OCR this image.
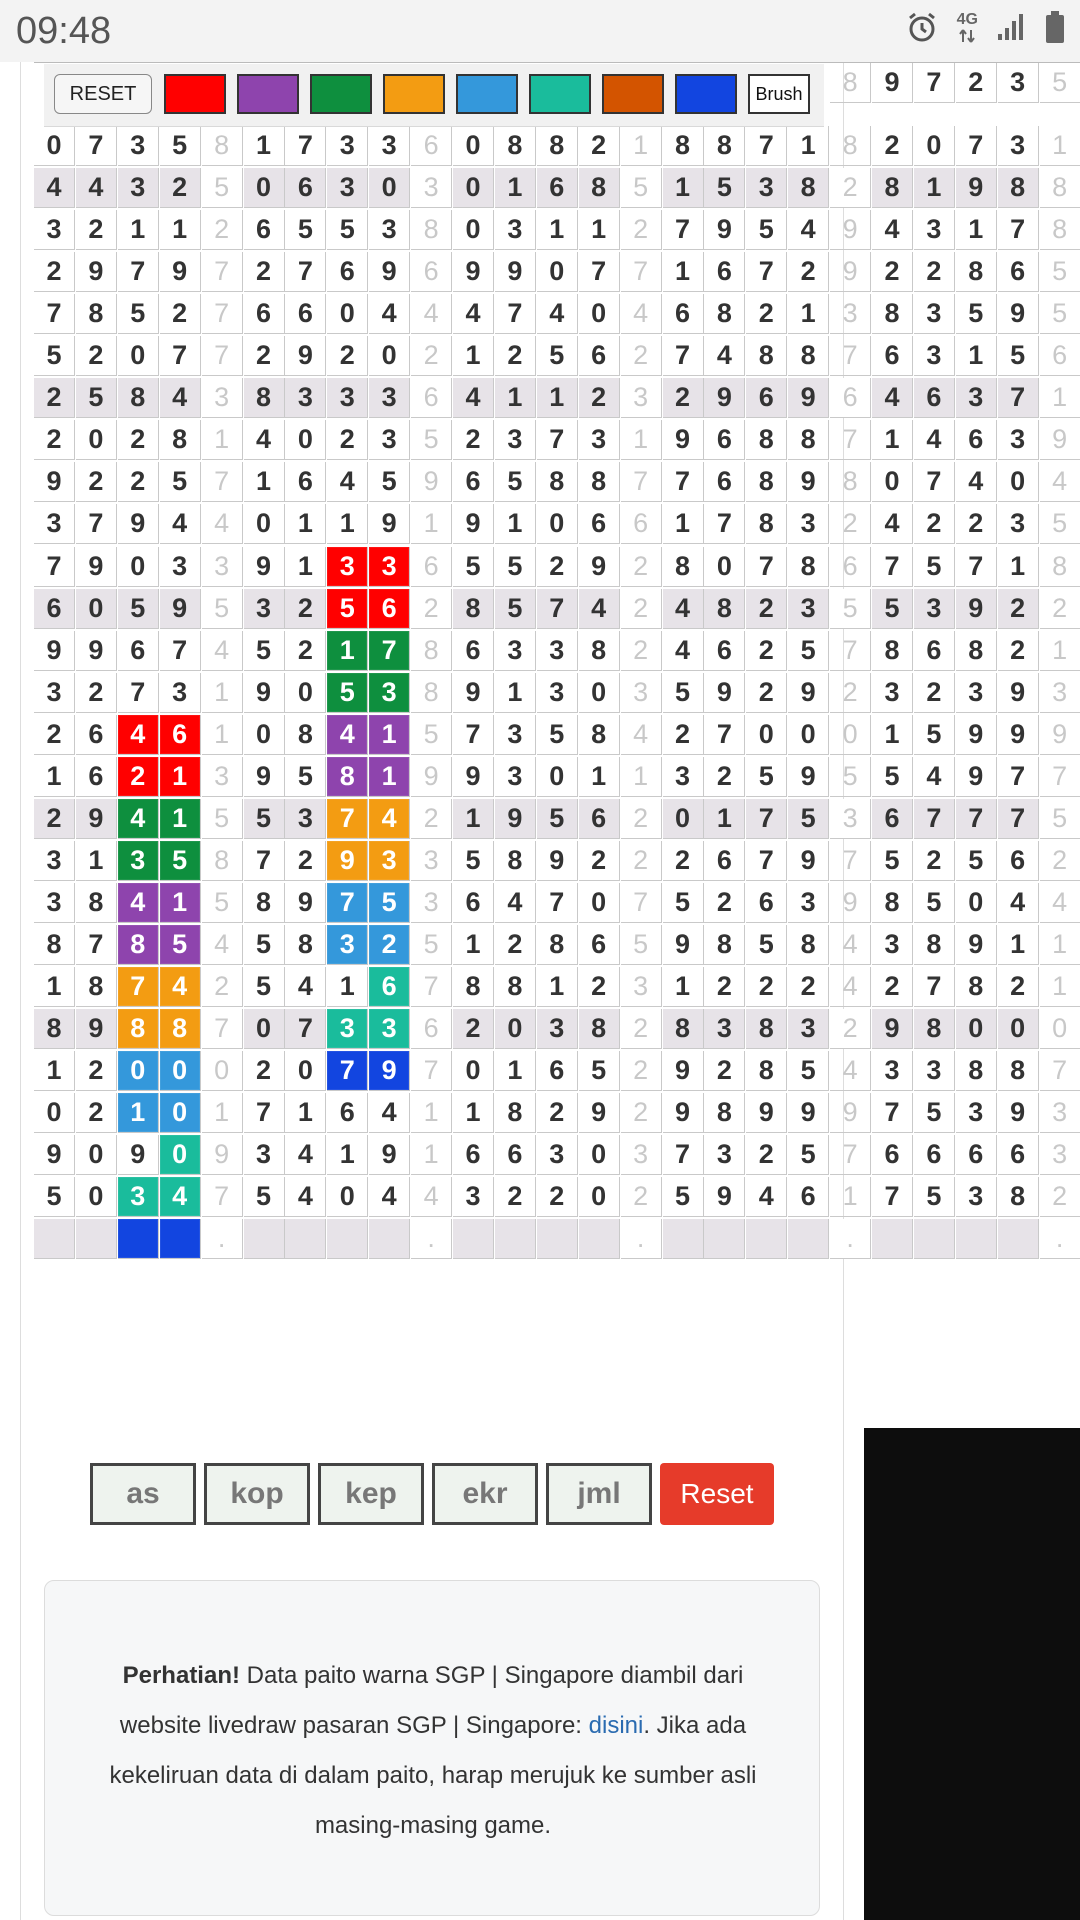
09:48	4G
8 9 7 2 3 5
0 7 3 5 8 1 7 3 3 6 0 8 8 2 1 8 8 7 1 8 2 0 7 3 1
4 4 3 2 5 0 6 3 0 3 0 1 6 8 5 1 5 3 8 2 8 1 9 8 8
3 2 1 1 2 6 5 5 3 8 0 3 1 1 2 7 9 5 4 9 4 3 1 7 8
2 9 7 9 7 2 7 6 9 6 9 9 0 7 7 1 6 7 2 9 2 2 8 6 5
7 8 5 2 7 6 6 0 4 4 4 7 4 0 4 6 8 2 1 3 8 3 5 9 5
5 2 0 7 7 2 9 2 0 2 1 2 5 6 2 7 4 8 8 7 6 3 1 5 6
2 5 8 4 3 8 3 3 3 6 4 1 1 2 3 2 9 6 9 6 4 6 3 7 1
2 0 2 8 1 4 0 2 3 5 2 3 7 3 1 9 6 8 8 7 1 4 6 3 9
9 2 2 5 7 1 6 4 5 9 6 5 8 8 7 7 6 8 9 8 0 7 4 0 4
3 7 9 4 4 0 1 1 9 1 9 1 0 6 6 1 7 8 3 2 4 2 2 3 5
7 9 0 3 3 9 1 3 3 6 5 5 2 9 2 8 0 7 8 6 7 5 7 1 8
6 0 5 9 5 3 2 5 6 2 8 5 7 4 2 4 8 2 3 5 5 3 9 2 2
9 9 6 7 4 5 2 1 7 8 6 3 3 8 2 4 6 2 5 7 8 6 8 2 1
3 2 7 3 1 9 0 5 3 8 9 1 3 0 3 5 9 2 9 2 3 2 3 9 3
2 6 4 6 1 0 8 4 1 5 7 3 5 8 4 2 7 0 0 0 1 5 9 9 9
1 6 2 1 3 9 5 8 1 9 9 3 0 1 1 3 2 5 9 5 5 4 9 7 7
2 9 4 1 5 5 3 7 4 2 1 9 5 6 2 0 1 7 5 3 6 7 7 7 5
3 1 3 5 8 7 2 9 3 3 5 8 9 2 2 2 6 7 9 7 5 2 5 6 2
3 8 4 1 5 8 9 7 5 3 6 4 7 0 7 5 2 6 3 9 8 5 0 4 4
8 7 8 5 4 5 8 3 2 5 1 2 8 6 5 9 8 5 8 4 3 8 9 1 1
1 8 7 4 2 5 4 1 6 7 8 8 1 2 3 1 2 2 2 4 2 7 8 2 1
8 9 8 8 7 0 7 3 3 6 2 0 3 8 2 8 3 8 3 2 9 8 0 0 0
1 2 0 0 0 2 0 7 9 7 0 1 6 5 2 9 2 8 5 4 3 3 8 8 7
0 2 1 0 1 7 1 6 4 1 1 8 2 9 2 9 8 9 9 9 7 5 3 9 3
9 0 9 0 9 3 4 1 9 1 6 6 3 0 3 7 3 2 5 7 6 6 6 6 3
5 0 3 4 7 5 4 0 4 4 3 2 2 0 2 5 9 4 6 1 7 5 3 8 2
.	.	.	.	.
RESET	Brush
as	kop	kep	ekr	jml	Reset

Perhatian! Data paito warna SGP | Singapore diambil dari website livedraw pasaran SGP | Singapore: disini. Jika ada kekeliruan data di dalam paito, harap merujuk ke sumber asli masing-masing game.
